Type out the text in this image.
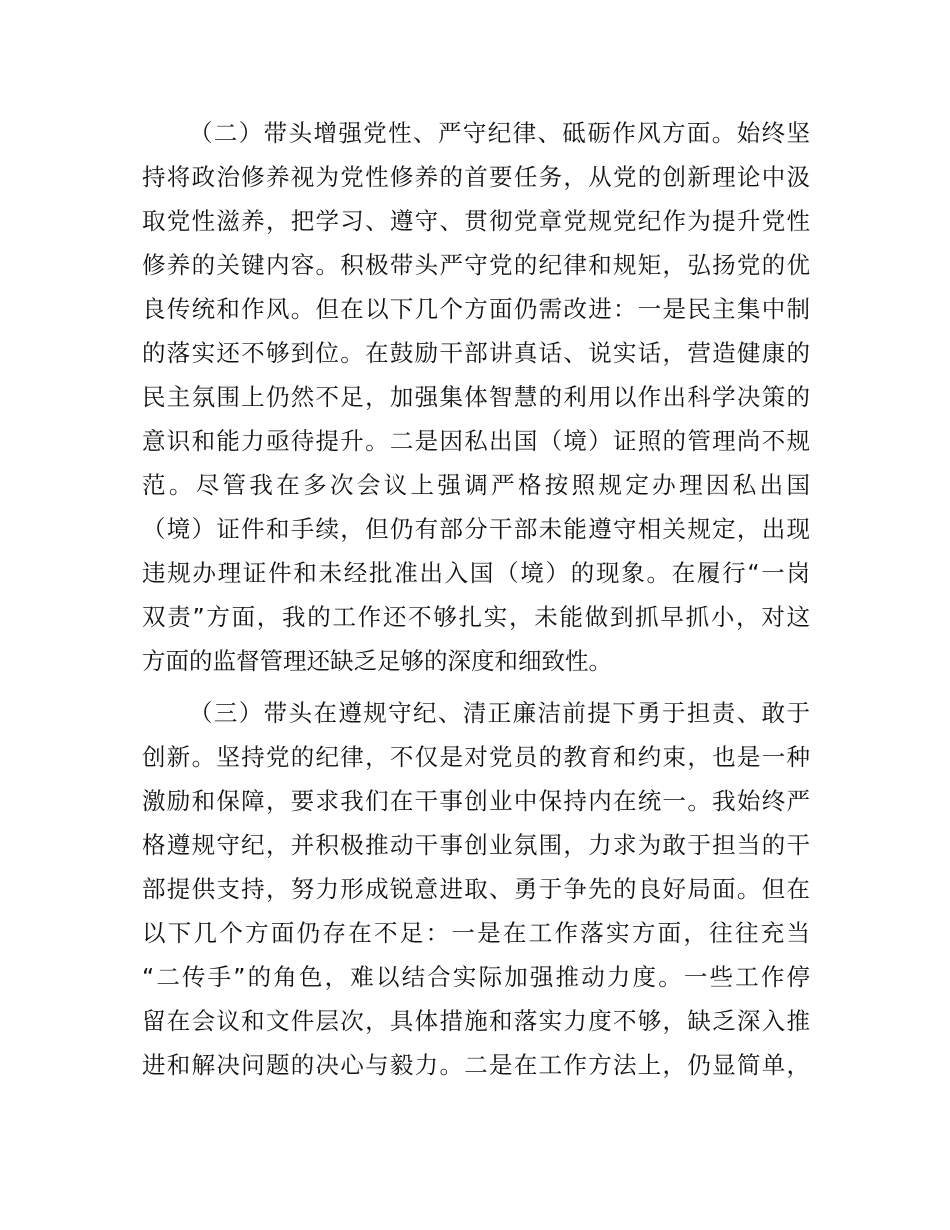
（二）带头增强党性、严守纪律、砥砺作风方面。始终坚
持将政治修养视为党性修养的首要任务，从党的创新理论中汲
取党性滋养，把学习、遵守、贯彻党章党规党纪作为提升党性
修养的关键内容。积极带头严守党的纪律和规矩，弘扬党的优
良传统和作风。但在以下几个方面仍需改进：一是民主集中制
的落实还不够到位。在鼓励干部讲真话、说实话，营造健康的
民主氛围上仍然不足，加强集体智慧的利用以作出科学决策的
意识和能力亟待提升。二是因私出国（境）证照的管理尚不规
范。尽管我在多次会议上强调严格按照规定办理因私出国
（境）证件和手续，但仍有部分干部未能遵守相关规定，出现
违规办理证件和未经批准出入国（境）的现象。在履行“一岗
双责”方面，我的工作还不够扎实，未能做到抓早抓小，对这
方面的监督管理还缺乏足够的深度和细致性。
（三）带头在遵规守纪、清正廉洁前提下勇于担责、敢于
创新。坚持党的纪律，不仅是对党员的教育和约束，也是一种
激励和保障，要求我们在干事创业中保持内在统一。我始终严
格遵规守纪，并积极推动干事创业氛围，力求为敢于担当的干
部提供支持，努力形成锐意进取、勇于争先的良好局面。但在
以下几个方面仍存在不足：一是在工作落实方面，往往充当
“二传手”的角色，难以结合实际加强推动力度。一些工作停
留在会议和文件层次，具体措施和落实力度不够，缺乏深入推
进和解决问题的决心与毅力。二是在工作方法上，仍显简单，
